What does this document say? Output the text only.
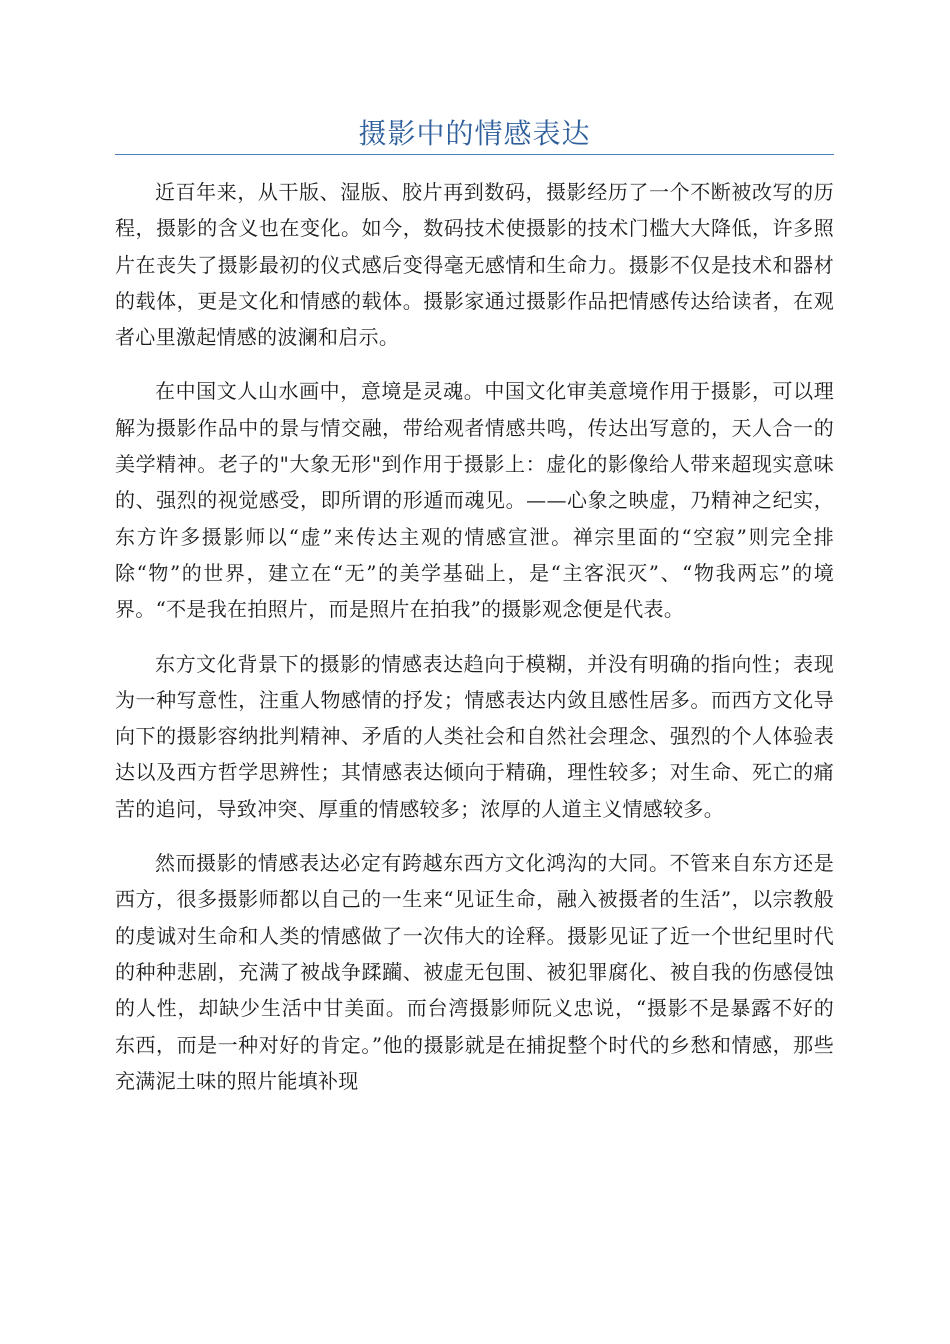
摄影中的情感表达

近百年来，从干版、湿版、胶片再到数码，摄影经历了一个不断被改写的历程，摄影的含义也在变化。如今，数码技术使摄影的技术门槛大大降低，许多照片在丧失了摄影最初的仪式感后变得毫无感情和生命力。摄影不仅是技术和器材的载体，更是文化和情感的载体。摄影家通过摄影作品把情感传达给读者，在观者心里激起情感的波澜和启示。

在中国文人山水画中，意境是灵魂。中国文化审美意境作用于摄影，可以理解为摄影作品中的景与情交融，带给观者情感共鸣，传达出写意的，天人合一的美学精神。老子的"大象无形"到作用于摄影上：虚化的影像给人带来超现实意味的、强烈的视觉感受，即所谓的形遁而魂见。——心象之映虚，乃精神之纪实，东方许多摄影师以“虚”来传达主观的情感宣泄。禅宗里面的“空寂”则完全排除“物”的世界，建立在“无”的美学基础上，是“主客泯灭”、“物我两忘”的境界。“不是我在拍照片，而是照片在拍我”的摄影观念便是代表。

东方文化背景下的摄影的情感表达趋向于模糊，并没有明确的指向性；表现为一种写意性，注重人物感情的抒发；情感表达内敛且感性居多。而西方文化导向下的摄影容纳批判精神、矛盾的人类社会和自然社会理念、强烈的个人体验表达以及西方哲学思辨性；其情感表达倾向于精确，理性较多；对生命、死亡的痛苦的追问，导致冲突、厚重的情感较多；浓厚的人道主义情感较多。

然而摄影的情感表达必定有跨越东西方文化鸿沟的大同。不管来自东方还是西方，很多摄影师都以自己的一生来“见证生命，融入被摄者的生活”，以宗教般的虔诚对生命和人类的情感做了一次伟大的诠释。摄影见证了近一个世纪里时代的种种悲剧，充满了被战争蹂躏、被虚无包围、被犯罪腐化、被自我的伤感侵蚀的人性，却缺少生活中甘美面。而台湾摄影师阮义忠说，“摄影不是暴露不好的东西，而是一种对好的肯定。”他的摄影就是在捕捉整个时代的乡愁和情感，那些充满泥土味的照片能填补现
